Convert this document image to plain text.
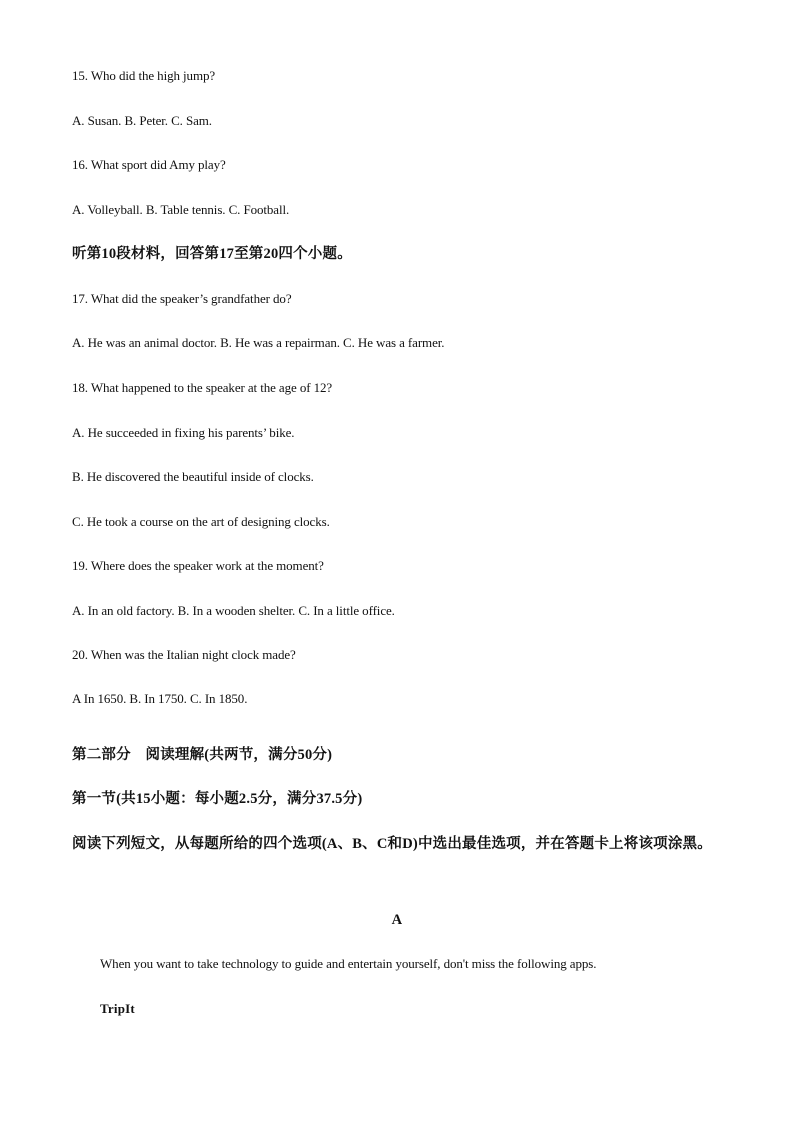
15. Who did the high jump?
A. Susan. B. Peter. C. Sam.
16. What sport did Amy play?
A. Volleyball. B. Table tennis. C. Football.
听第10段材料，回答第17至第20四个小题。
17. What did the speaker’s grandfather do?
A. He was an animal doctor. B. He was a repairman. C. He was a farmer.
18. What happened to the speaker at the age of 12?
A. He succeeded in fixing his parents’ bike.
B. He discovered the beautiful inside of clocks.
C. He took a course on the art of designing clocks.
19. Where does the speaker work at the moment?
A. In an old factory. B. In a wooden shelter. C. In a little office.
20. When was the Italian night clock made?
A In 1650. B. In 1750. C. In 1850.
第二部分　阅读理解(共两节，满分50分)
第一节(共15小题：每小题2.5分，满分37.5分)
阅读下列短文，从每题所给的四个选项(A、B、C和D)中选出最佳选项，并在答题卡上将该项涂黑。
A
When you want to take technology to guide and entertain yourself, don't miss the following apps.
TripIt
